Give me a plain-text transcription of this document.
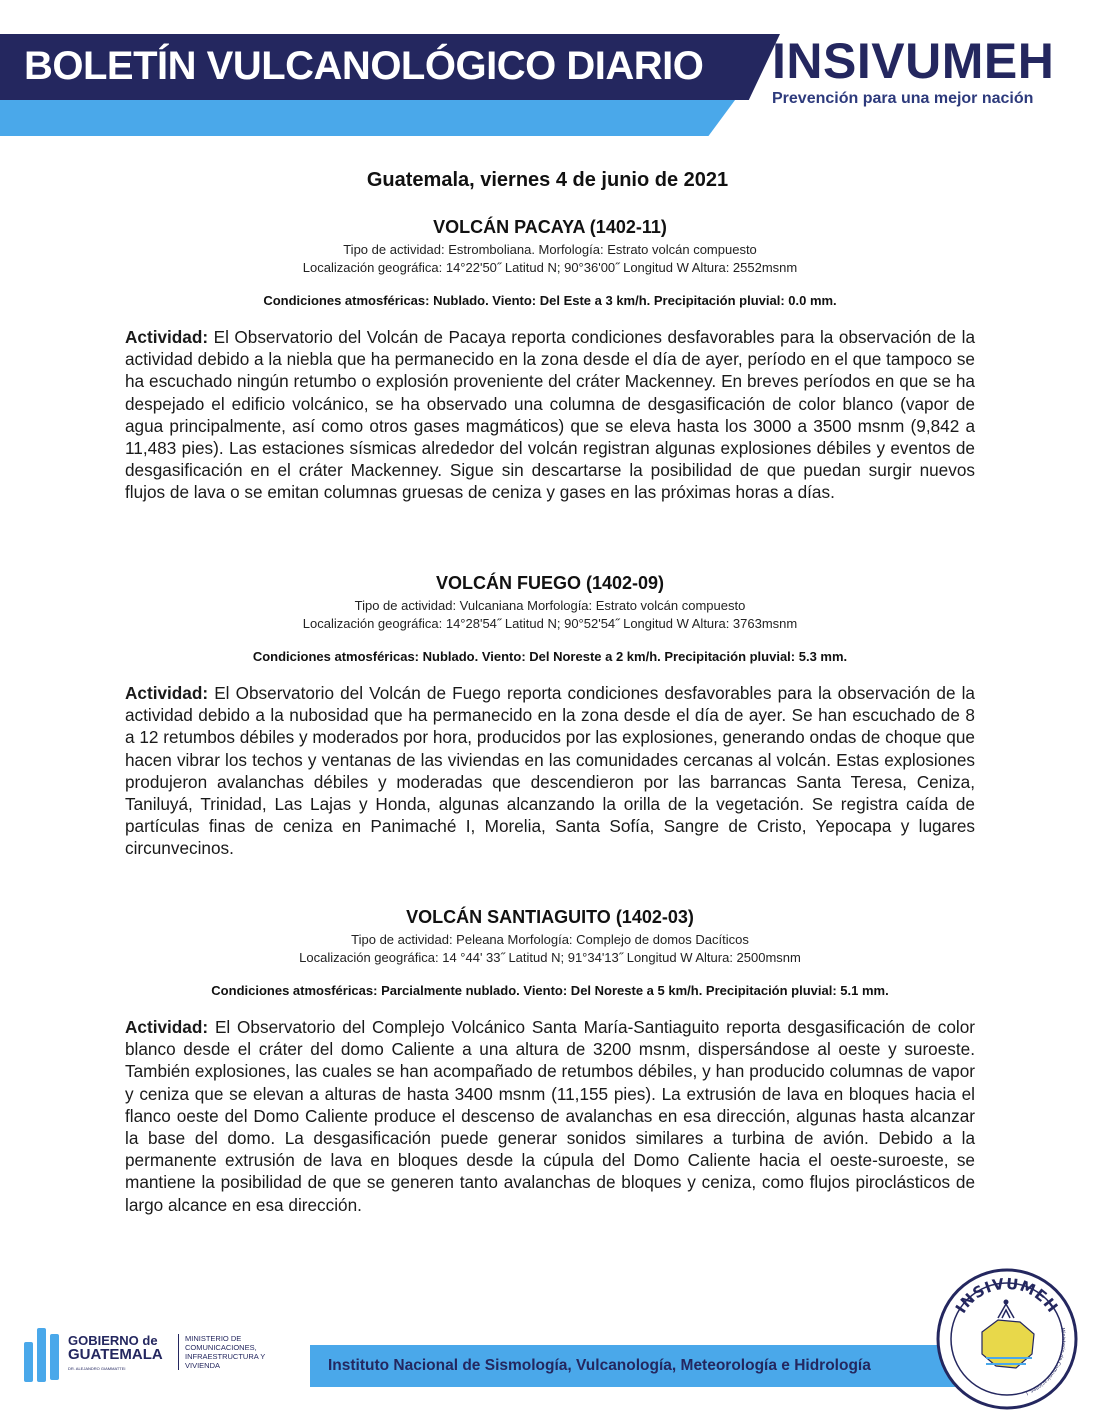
BOLETÍN VULCANOLÓGICO DIARIO INSIVUMEH
Prevención para una mejor nación
Guatemala, viernes 4 de junio de 2021
VOLCÁN PACAYA (1402-11)
Tipo de actividad: Estromboliana. Morfología: Estrato volcán compuesto
Localización geográfica: 14°22'50˝ Latitud N; 90°36'00˝ Longitud W Altura: 2552msnm
Condiciones atmosféricas: Nublado. Viento: Del Este a 3 km/h. Precipitación pluvial: 0.0 mm.
Actividad: El Observatorio del Volcán de Pacaya reporta condiciones desfavorables para la observación de la actividad debido a la niebla que ha permanecido en la zona desde el día de ayer, período en el que tampoco se ha escuchado ningún retumbo o explosión proveniente del cráter Mackenney. En breves períodos en que se ha despejado el edificio volcánico, se ha observado una columna de desgasificación de color blanco (vapor de agua principalmente, así como otros gases magmáticos) que se eleva hasta los 3000 a 3500 msnm (9,842 a 11,483 pies). Las estaciones sísmicas alrededor del volcán registran algunas explosiones débiles y eventos de desgasificación en el cráter Mackenney. Sigue sin descartarse la posibilidad de que puedan surgir nuevos flujos de lava o se emitan columnas gruesas de ceniza y gases en las próximas horas a días.
VOLCÁN FUEGO (1402-09)
Tipo de actividad: Vulcaniana Morfología: Estrato volcán compuesto
Localización geográfica: 14°28'54˝ Latitud N; 90°52'54˝ Longitud W Altura: 3763msnm
Condiciones atmosféricas: Nublado. Viento: Del Noreste a 2 km/h. Precipitación pluvial: 5.3 mm.
Actividad: El Observatorio del Volcán de Fuego reporta condiciones desfavorables para la observación de la actividad debido a la nubosidad que ha permanecido en la zona desde el día de ayer. Se han escuchado de 8 a 12 retumbos débiles y moderados por hora, producidos por las explosiones, generando ondas de choque que hacen vibrar los techos y ventanas de las viviendas en las comunidades cercanas al volcán. Estas explosiones produjeron avalanchas débiles y moderadas que descendieron por las barrancas Santa Teresa, Ceniza, Taniluyá, Trinidad, Las Lajas y Honda, algunas alcanzando la orilla de la vegetación. Se registra caída de partículas finas de ceniza en Panimaché I, Morelia, Santa Sofía, Sangre de Cristo, Yepocapa y lugares circunvecinos.
VOLCÁN SANTIAGUITO (1402-03)
Tipo de actividad: Peleana Morfología: Complejo de domos Dacíticos
Localización geográfica: 14 °44' 33˝ Latitud N; 91°34'13˝ Longitud W Altura: 2500msnm
Condiciones atmosféricas: Parcialmente nublado. Viento: Del Noreste a 5 km/h. Precipitación pluvial: 5.1 mm.
Actividad: El Observatorio del Complejo Volcánico Santa María-Santiaguito reporta desgasificación de color blanco desde el cráter del domo Caliente a una altura de 3200 msnm, dispersándose al oeste y suroeste. También explosiones, las cuales se han acompañado de retumbos débiles, y han producido columnas de vapor y ceniza que se elevan a alturas de hasta 3400 msnm (11,155 pies). La extrusión de lava en bloques hacia el flanco oeste del Domo Caliente produce el descenso de avalanchas en esa dirección, algunas hasta alcanzar la base del domo. La desgasificación puede generar sonidos similares a turbina de avión. Debido a la permanente extrusión de lava en bloques desde la cúpula del Domo Caliente hacia el oeste-suroeste, se mantiene la posibilidad de que se generen tanto avalanchas de bloques y ceniza, como flujos piroclásticos de largo alcance en esa dirección.
GOBIERNO de
GUATEMALA
DR. ALEJANDRO GIAMMATTEI
MINISTERIO DE COMUNICACIONES, INFRAESTRUCTURA Y VIVIENDA	Instituto Nacional de Sismología, Vulcanología, Meteorología e Hidrología
INSIVUMEH
Ministerio de Comunicaciones, I
